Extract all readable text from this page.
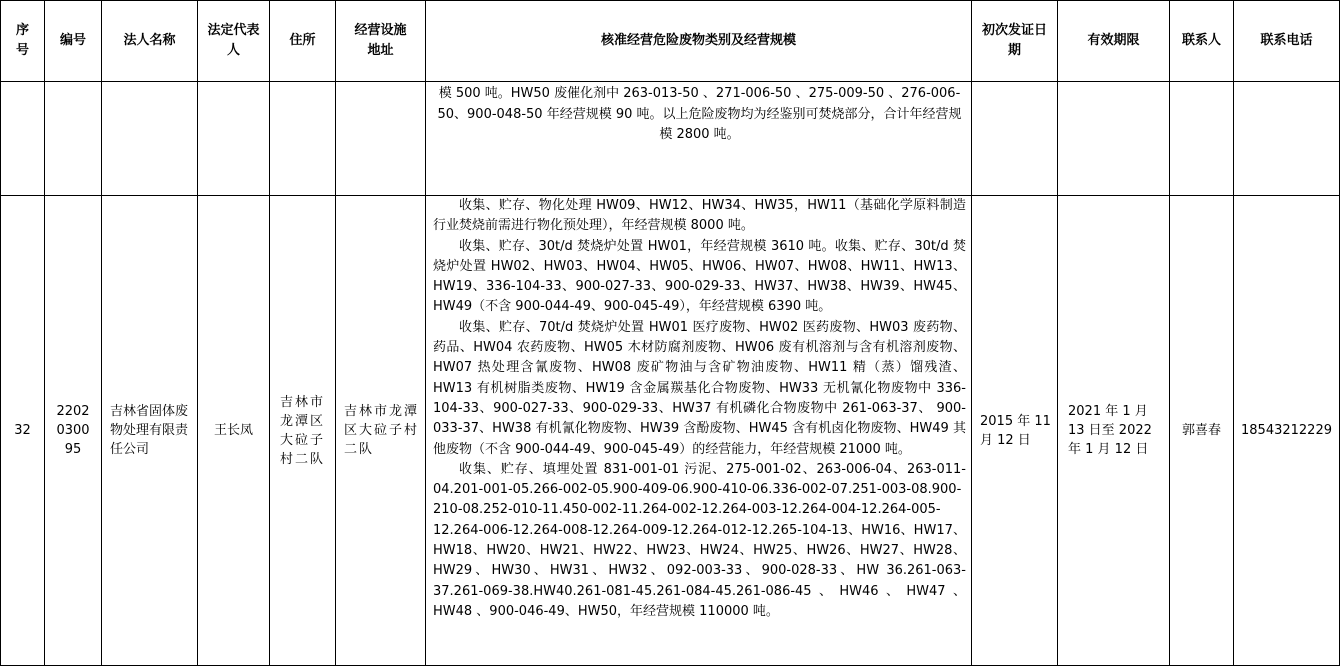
序号	编号	法人名称	法定代表人	住所	经营设施地址	核准经营危险废物类别及经营规模	初次发证日期	有效期限	联系人	联系电话
						模 500 吨。HW50 废催化剂中 263-013-50 、271-006-50 、275-009-50 、276-006-50、900-048-50 年经营规模 90 吨。以上危险废物均为经鉴别可焚烧部分，合计年经营规模 2800 吨。				
32	2202030095	吉林省固体废物处理有限责任公司	王长凤	吉林市龙潭区大砬子村二队	吉林市龙潭区大砬子村二队	收集、贮存、物化处理 HW09、HW12、HW34、HW35，HW11（基础化学原料制造行业焚烧前需进行物化预处理），年经营规模 8000 吨。

收集、贮存、30t/d 焚烧炉处置 HW01，年经营规模 3610 吨。收集、贮存、30t/d 焚烧炉处置 HW02、HW03、HW04、HW05、HW06、HW07、HW08、HW11、HW13、HW19、336-104-33、900-027-33、900-029-33、HW37、HW38、HW39、HW45、HW49（不含 900-044-49、900-045-49），年经营规模 6390 吨。

收集、贮存、70t/d 焚烧炉处置 HW01 医疗废物、HW02 医药废物、HW03 废药物、药品、HW04 农药废物、HW05 木材防腐剂废物、HW06 废有机溶剂与含有机溶剂废物、HW07 热处理含氰废物、HW08 废矿物油与含矿物油废物、HW11 精（蒸）馏残渣、HW13 有机树脂类废物、HW19 含金属羰基化合物废物、HW33 无机氰化物废物中 336-104-33、900-027-33、900-029-33、HW37 有机磷化合物废物中 261-063-37、 900-033-37、HW38 有机氰化物废物、HW39 含酚废物、HW45 含有机卤化物废物、HW49 其他废物（不含 900-044-49、900-045-49）的经营能力，年经营规模 21000 吨。

收集、贮存、填埋处置 831-001-01 污泥、275-001-02、263-006-04、263-011-04.201-001-05.266-002-05.900-409-06.900-410-06.336-002-07.251-003-08.900-210-08.252-010-11.450-002-11.264-002-12.264-003-12.264-004-12.264-005-12.264-006-12.264-008-12.264-009-12.264-012-12.265-104-13、HW16、HW17、HW18、HW20、HW21、HW22、HW23、HW24、HW25、HW26、HW27、HW28、HW29、HW30、HW31、HW32、092-003-33、900-028-33、HW 36.261-063-37.261-069-38.HW40.261-081-45.261-084-45.261-086-45、HW46、HW47、HW48 、900-046-49、HW50，年经营规模 110000 吨。	2015 年 11 月 12 日	2021 年 1 月 13 日至 2022 年 1 月 12 日	郭喜春	18543212229
